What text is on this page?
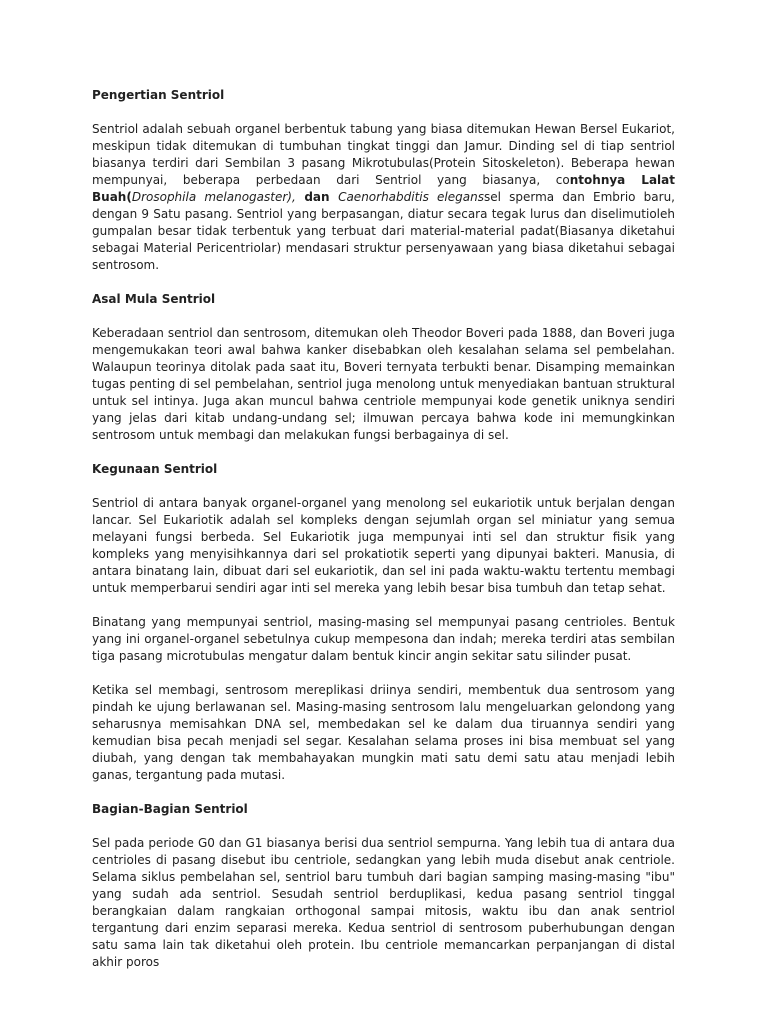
Pengertian Sentriol

Sentriol adalah sebuah organel berbentuk tabung yang biasa ditemukan Hewan Bersel Eukariot, meskipun tidak ditemukan di tumbuhan tingkat tinggi dan Jamur. Dinding sel di tiap sentriol biasanya terdiri dari Sembilan 3 pasang Mikrotubulas(Protein Sitoskeleton). Beberapa hewan mempunyai, beberapa perbedaan dari Sentriol yang biasanya, contohnya Lalat Buah(Drosophila melanogaster), dan Caenorhabditis eleganssel sperma dan Embrio baru, dengan 9 Satu pasang. Sentriol yang berpasangan, diatur secara tegak lurus dan diselimutioleh gumpalan besar tidak terbentuk yang terbuat dari material-material padat(Biasanya diketahui sebagai Material Pericentriolar) mendasari struktur persenyawaan yang biasa diketahui sebagai sentrosom.

Asal Mula Sentriol

Keberadaan sentriol dan sentrosom, ditemukan oleh Theodor Boveri pada 1888, dan Boveri juga mengemukakan teori awal bahwa kanker disebabkan oleh kesalahan selama sel pembelahan. Walaupun teorinya ditolak pada saat itu, Boveri ternyata terbukti benar. Disamping memainkan tugas penting di sel pembelahan, sentriol juga menolong untuk menyediakan bantuan struktural untuk sel intinya. Juga akan muncul bahwa centriole mempunyai kode genetik uniknya sendiri yang jelas dari kitab undang-undang sel; ilmuwan percaya bahwa kode ini memungkinkan sentrosom untuk membagi dan melakukan fungsi berbagainya di sel.

Kegunaan Sentriol

Sentriol di antara banyak organel-organel yang menolong sel eukariotik untuk berjalan dengan lancar. Sel Eukariotik adalah sel kompleks dengan sejumlah organ sel miniatur yang semua melayani fungsi berbeda. Sel Eukariotik juga mempunyai inti sel dan struktur fisik yang kompleks yang menyisihkannya dari sel prokatiotik seperti yang dipunyai bakteri. Manusia, di antara binatang lain, dibuat dari sel eukariotik, dan sel ini pada waktu-waktu tertentu membagi untuk memperbarui sendiri agar inti sel mereka yang lebih besar bisa tumbuh dan tetap sehat.

Binatang yang mempunyai sentriol, masing-masing sel mempunyai pasang centrioles. Bentuk yang ini organel-organel sebetulnya cukup mempesona dan indah; mereka terdiri atas sembilan tiga pasang microtubulas mengatur dalam bentuk kincir angin sekitar satu silinder pusat.

Ketika sel membagi, sentrosom mereplikasi driinya sendiri, membentuk dua sentrosom yang pindah ke ujung berlawanan sel. Masing-masing sentrosom lalu mengeluarkan gelondong yang seharusnya memisahkan DNA sel, membedakan sel ke dalam dua tiruannya sendiri yang kemudian bisa pecah menjadi sel segar. Kesalahan selama proses ini bisa membuat sel yang diubah, yang dengan tak membahayakan mungkin mati satu demi satu atau menjadi lebih ganas, tergantung pada mutasi.

Bagian-Bagian Sentriol

Sel pada periode G0 dan G1 biasanya berisi dua sentriol sempurna. Yang lebih tua di antara dua centrioles di pasang disebut ibu centriole, sedangkan yang lebih muda disebut anak centriole. Selama siklus pembelahan sel, sentriol baru tumbuh dari bagian samping masing-masing "ibu" yang sudah ada sentriol. Sesudah sentriol berduplikasi, kedua pasang sentriol tinggal berangkaian dalam rangkaian orthogonal sampai mitosis, waktu ibu dan anak sentriol tergantung dari enzim separasi mereka. Kedua sentriol di sentrosom puberhubungan dengan satu sama lain tak diketahui oleh protein. Ibu centriole memancarkan perpanjangan di distal akhir poros
